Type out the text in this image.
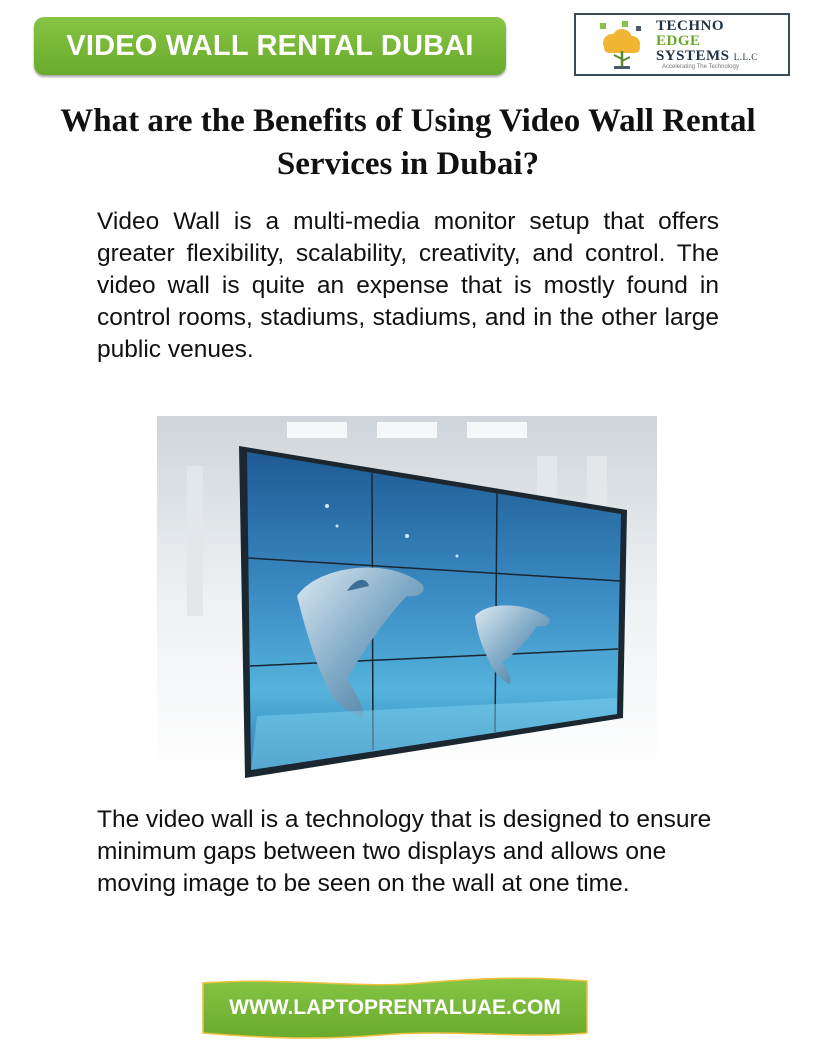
VIDEO WALL RENTAL DUBAI
TECHNO
EDGE
SYSTEMS L.L.C
Accelerating The Technology
What are the Benefits of Using Video Wall Rental Services in Dubai?

Video Wall is a multi-media monitor setup that offers greater flexibility, scalability, creativity, and control. The video wall is quite an expense that is mostly found in control rooms, stadiums, stadiums, and in the other large public venues.

The video wall is a technology that is designed to ensure minimum gaps between two displays and allows one moving image to be seen on the wall at one time.

WWW.LAPTOPRENTALUAE.COM
